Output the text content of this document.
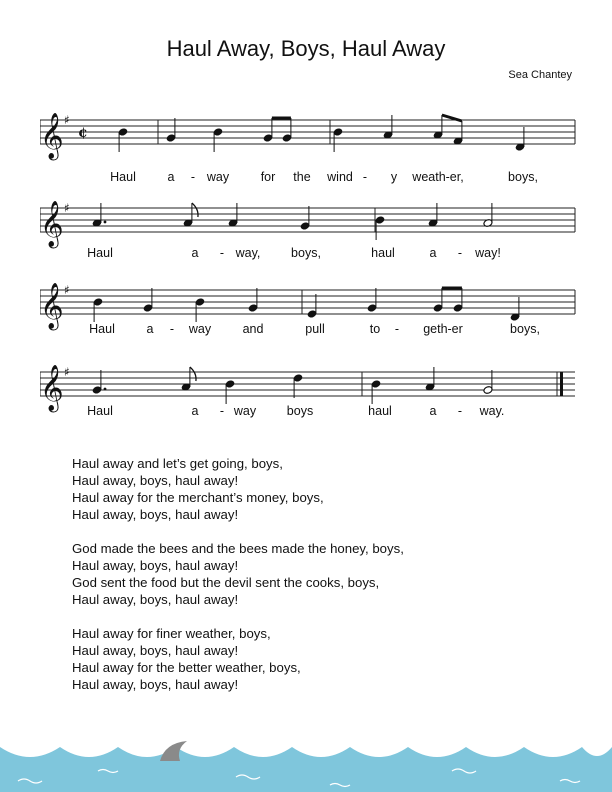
Haul Away, Boys, Haul Away
Sea Chantey
𝄞 ♯
¢
Haul	a - way	for the wind - y weath-er,	boys,
𝄞 ♯
Haul	a - way, boys,	haul	a - way!
𝄞 ♯
Haul	a - way	and	pull	to - geth-er	boys,
𝄞 ♯
Haul	a - way boys	haul	a - way.
Haul away and let’s get going, boys,
Haul away, boys, haul away!
Haul away for the merchant’s money, boys,
Haul away, boys, haul away!
God made the bees and the bees made the honey, boys,
Haul away, boys, haul away!
God sent the food but the devil sent the cooks, boys,
Haul away, boys, haul away!
Haul away for finer weather, boys,
Haul away, boys, haul away!
Haul away for the better weather, boys,
Haul away, boys, haul away!
